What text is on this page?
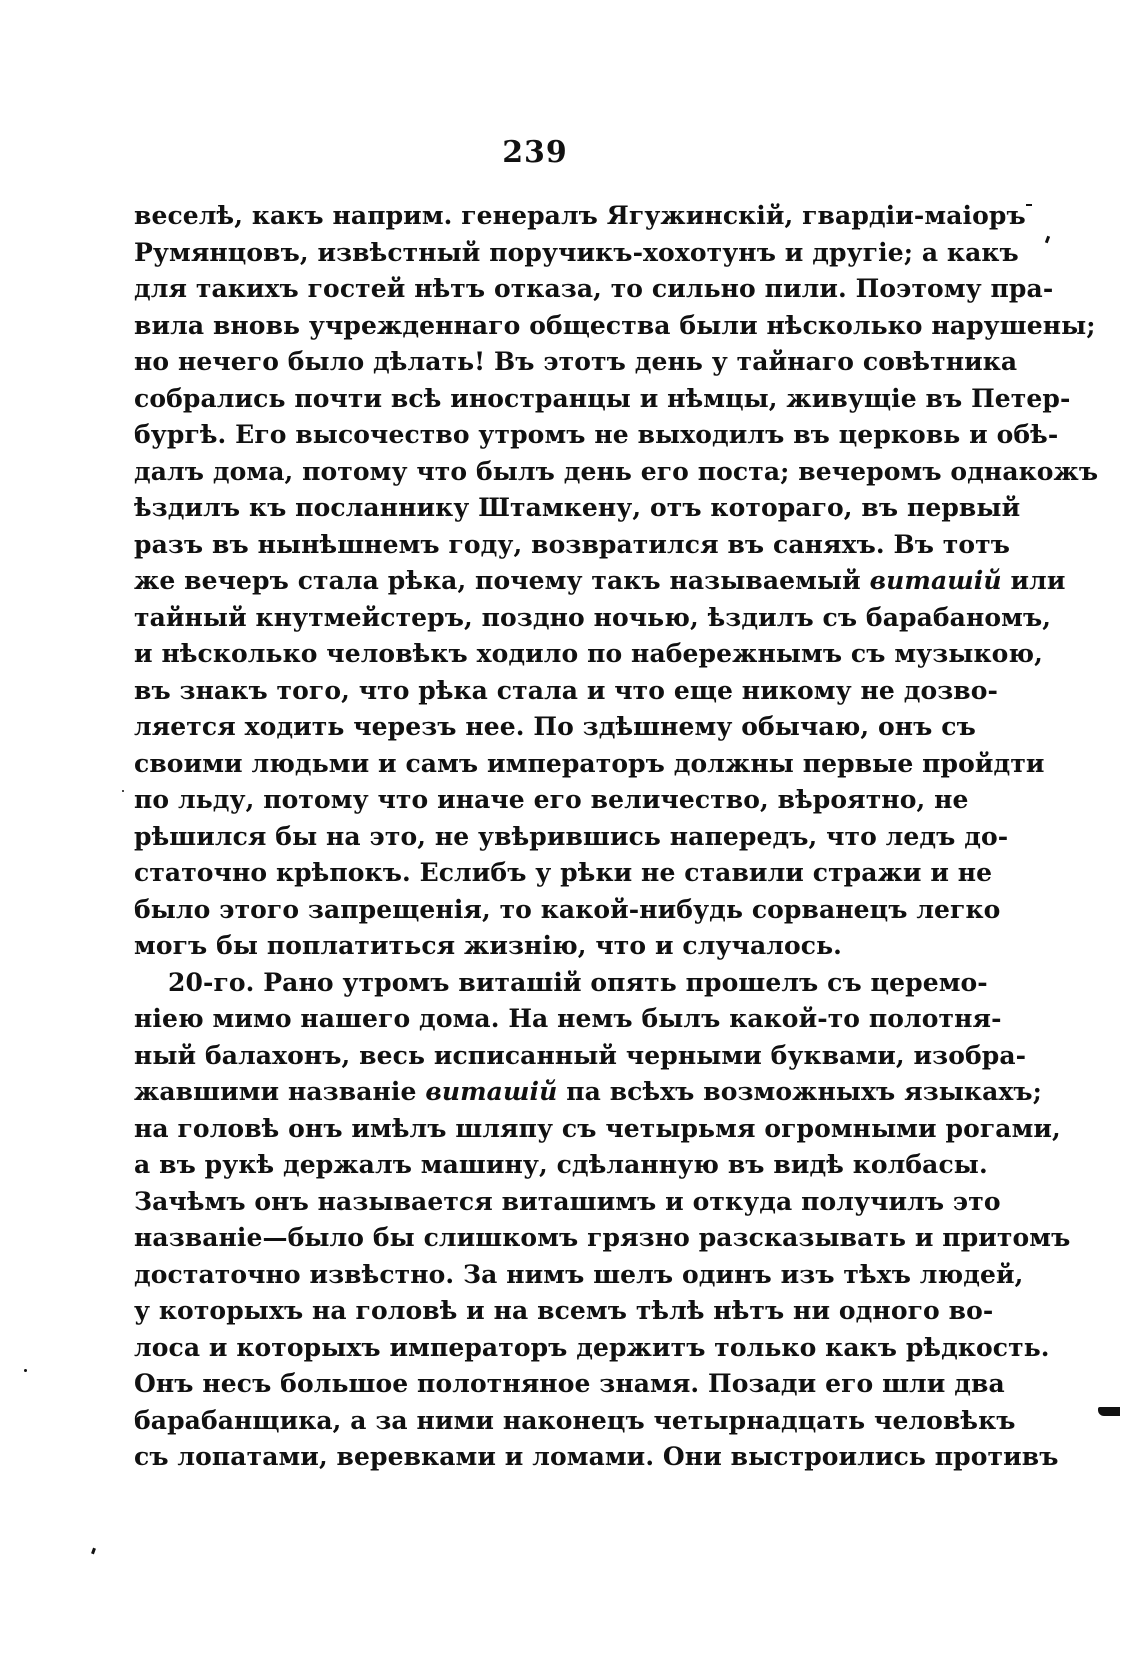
239
веселѣ, какъ наприм. генералъ Ягужинскій, гвардіи-маіоръ
Румянцовъ, извѣстный поручикъ-хохотунъ и другіе; а какъ
для такихъ гостей нѣтъ отказа, то сильно пили. Поэтому пра-
вила вновь учрежденнаго общества были нѣсколько нарушены;
но нечего было дѣлать! Въ этотъ день у тайнаго совѣтника
собрались почти всѣ иностранцы и нѣмцы, живущіе въ Петер-
бургѣ. Его высочество утромъ не выходилъ въ церковь и обѣ-
далъ дома, потому что былъ день его поста; вечеромъ однакожъ
ѣздилъ къ посланнику Штамкену, отъ котораго, въ первый
разъ въ нынѣшнемъ году, возвратился въ саняхъ. Въ тотъ
же вечеръ стала рѣка, почему такъ называемый виташій или
тайный кнутмейстеръ, поздно ночью, ѣздилъ съ барабаномъ,
и нѣсколько человѣкъ ходило по набережнымъ съ музыкою,
въ знакъ того, что рѣка стала и что еще никому не дозво-
ляется ходить черезъ нее. По здѣшнему обычаю, онъ съ
своими людьми и самъ императоръ должны первые пройдти
по льду, потому что иначе его величество, вѣроятно, не
рѣшился бы на это, не увѣрившись напередъ, что ледъ до-
статочно крѣпокъ. Еслибъ у рѣки не ставили стражи и не
было этого запрещенія, то какой-нибудь сорванецъ легко
могъ бы поплатиться жизнію, что и случалось.
20-го. Рано утромъ виташій опять прошелъ съ церемо-
ніею мимо нашего дома. На немъ былъ какой-то полотня-
ный балахонъ, весь исписанный черными буквами, изобра-
жавшими названіе виташій па всѣхъ возможныхъ языкахъ;
на головѣ онъ имѣлъ шляпу съ четырьмя огромными рогами,
а въ рукѣ держалъ машину, сдѣланную въ видѣ колбасы.
Зачѣмъ онъ называется виташимъ и откуда получилъ это
названіе—было бы слишкомъ грязно разсказывать и притомъ
достаточно извѣстно. За нимъ шелъ одинъ изъ тѣхъ людей,
у которыхъ на головѣ и на всемъ тѣлѣ нѣтъ ни одного во-
лоса и которыхъ императоръ держитъ только какъ рѣдкость.
Онъ несъ большое полотняное знамя. Позади его шли два
барабанщика, а за ними наконецъ четырнадцать человѣкъ
съ лопатами, веревками и ломами. Они выстроились противъ
